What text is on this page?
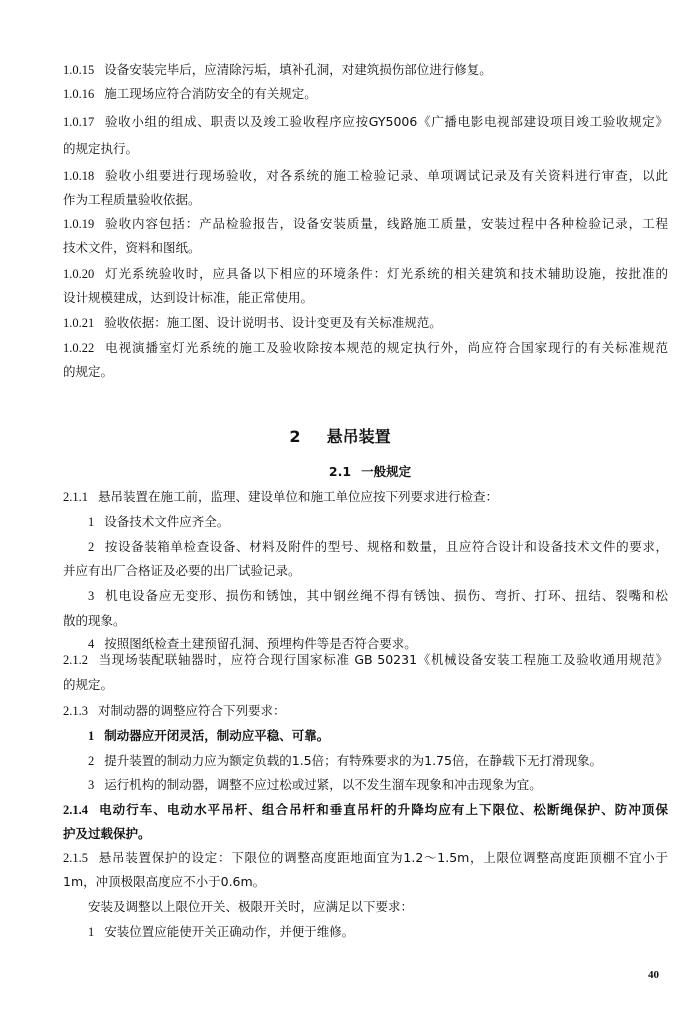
2 悬吊装置
2.1 一般规定
40
1.0.15 设备安装完毕后，应清除污垢，填补孔洞，对建筑损伤部位进行修复。
1.0.16 施工现场应符合消防安全的有关规定。
1.0.17 验收小组的组成、职责以及竣工验收程序应按GY5006《广播电影电视部建设项目竣工验收规定》
的规定执行。
1.0.18 验收小组要进行现场验收，对各系统的施工检验记录、单项调试记录及有关资料进行审查，以此
作为工程质量验收依据。
1.0.19 验收内容包括：产品检验报告，设备安装质量，线路施工质量，安装过程中各种检验记录，工程
技术文件，资料和图纸。
1.0.20 灯光系统验收时，应具备以下相应的环境条件：灯光系统的相关建筑和技术辅助设施，按批准的
设计规模建成，达到设计标准，能正常使用。
1.0.21 验收依据：施工图、设计说明书、设计变更及有关标准规范。
1.0.22 电视演播室灯光系统的施工及验收除按本规范的规定执行外，尚应符合国家现行的有关标准规范
的规定。
2.1.1 悬吊装置在施工前，监理、建设单位和施工单位应按下列要求进行检查：
1 设备技术文件应齐全。
2 按设备装箱单检查设备、材料及附件的型号、规格和数量，且应符合设计和设备技术文件的要求，
并应有出厂合格证及必要的出厂试验记录。
3 机电设备应无变形、损伤和锈蚀，其中钢丝绳不得有锈蚀、损伤、弯折、打环、扭结、裂嘴和松
散的现象。
4 按照图纸检查土建预留孔洞、预埋构件等是否符合要求。
2.1.2 当现场装配联轴器时，应符合现行国家标准 GB 50231《机械设备安装工程施工及验收通用规范》
的规定。
2.1.3 对制动器的调整应符合下列要求：
1 制动器应开闭灵活，制动应平稳、可靠。
2 提升装置的制动力应为额定负载的1.5倍；有特殊要求的为1.75倍，在静载下无打滑现象。
3 运行机构的制动器，调整不应过松或过紧，以不发生溜车现象和冲击现象为宜。
2.1.4 电动行车、电动水平吊杆、组合吊杆和垂直吊杆的升降均应有上下限位、松断绳保护、防冲顶保
护及过载保护。
2.1.5 悬吊装置保护的设定：下限位的调整高度距地面宜为1.2～1.5m，上限位调整高度距顶棚不宜小于
1m，冲顶极限高度应不小于0.6m。
安装及调整以上限位开关、极限开关时，应满足以下要求：
1 安装位置应能使开关正确动作，并便于维修。
